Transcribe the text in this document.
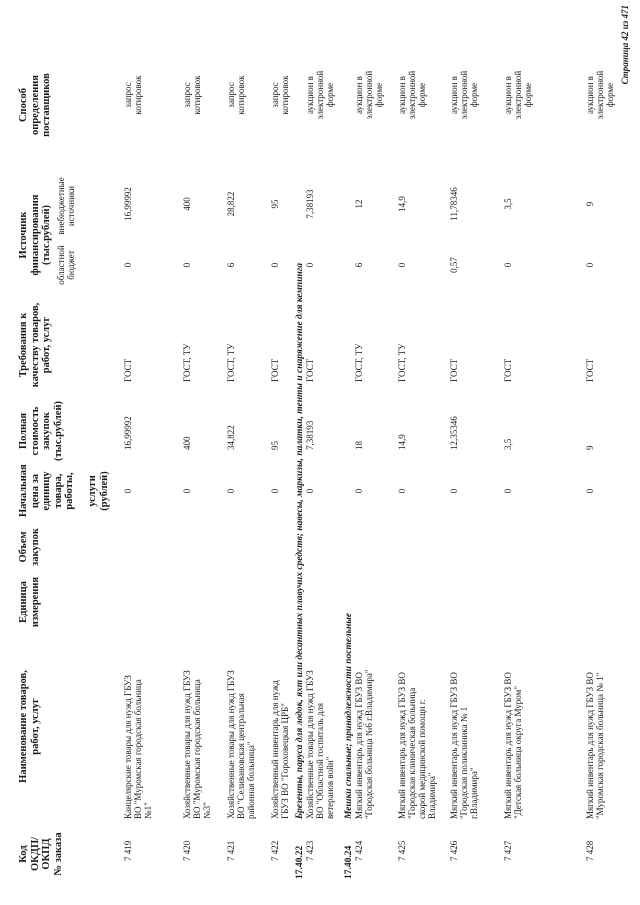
Код ОКДП/ ОКПД № заказа
Наименование товаров, работ, услуг
Единица измерения
Объем закупок
Начальная цена за единицу товара, работы, услуги (рублей)
Полная стоимость закупок (тыс.рублей)
Требования к качеству товаров, работ, услуг
Источник финансирования (тыс.рублей) областной бюджет
внебюджетные источники
Способ определения поставщиков
7 419
Канцелярские товары для нужд ГБУЗ ВО "Муромская городская больница №1"
0
16,99992
ГОСТ
0
16,99992
запрос котировок
7 420
Хозяйственные товары для нужд ГБУЗ ВО "Муромская городская больница №3"
0
400
ГОСТ, ТУ
0
400
запрос котировок
7 421
Хозяйственные товары для нужд ГБУЗ ВО "Селивановская центральная районная больница"
0
34,822
ГОСТ, ТУ
6
28,822
запрос котировок
7 422
Хозяйственный инвентарь для нужд ГБУЗ ВО "Гороховецкая ЦРБ"
0
95
ГОСТ
0
95
запрос котировок
17.40.22
Брезенты, паруса для лодок, яхт или десантных плавучих средств; навесы, маркизы, палатки, тенты и снаряжение для кемпинга
7 423
Хозяйственные товары для нужд ГБУЗ ВО "Областной госпиталь для ветеранов войн"
0
7,38193
ГОСТ
0
7,38193
аукцион в электронной форме
17.40.24
Мешки спальные; принадлежности постельные
7 424
Мягкий инвентарь для нужд ГБУЗ ВО "Городская больница №6 г.Владимира"
0
18
ГОСТ, ТУ
6
12
аукцион в электронной форме
7 425
Мягкий инвентарь для нужд ГБУЗ ВО "Городская клиническая больница скорой медицинской помощи г. Владимира"
0
14,9
ГОСТ, ТУ
0
14,9
аукцион в электронной форме
7 426
Мягкий инвентарь для нужд ГБУЗ ВО "Городская поликлиника № 1 г.Владимира"
0
12,35346
ГОСТ
0,57
11,78346
аукцион в электронной форме
7 427
Мягкий инвентарь для нужд ГБУЗ ВО "Детская больница округа Муром"
0
3,5
ГОСТ
0
3,5
аукцион в электронной форме
7 428
Мягкий инвентарь для нужд ГБУЗ ВО "Муромская городская больница № 1"
0
9
ГОСТ
0
9
аукцион в электронной форме
Страница 42 из 471
